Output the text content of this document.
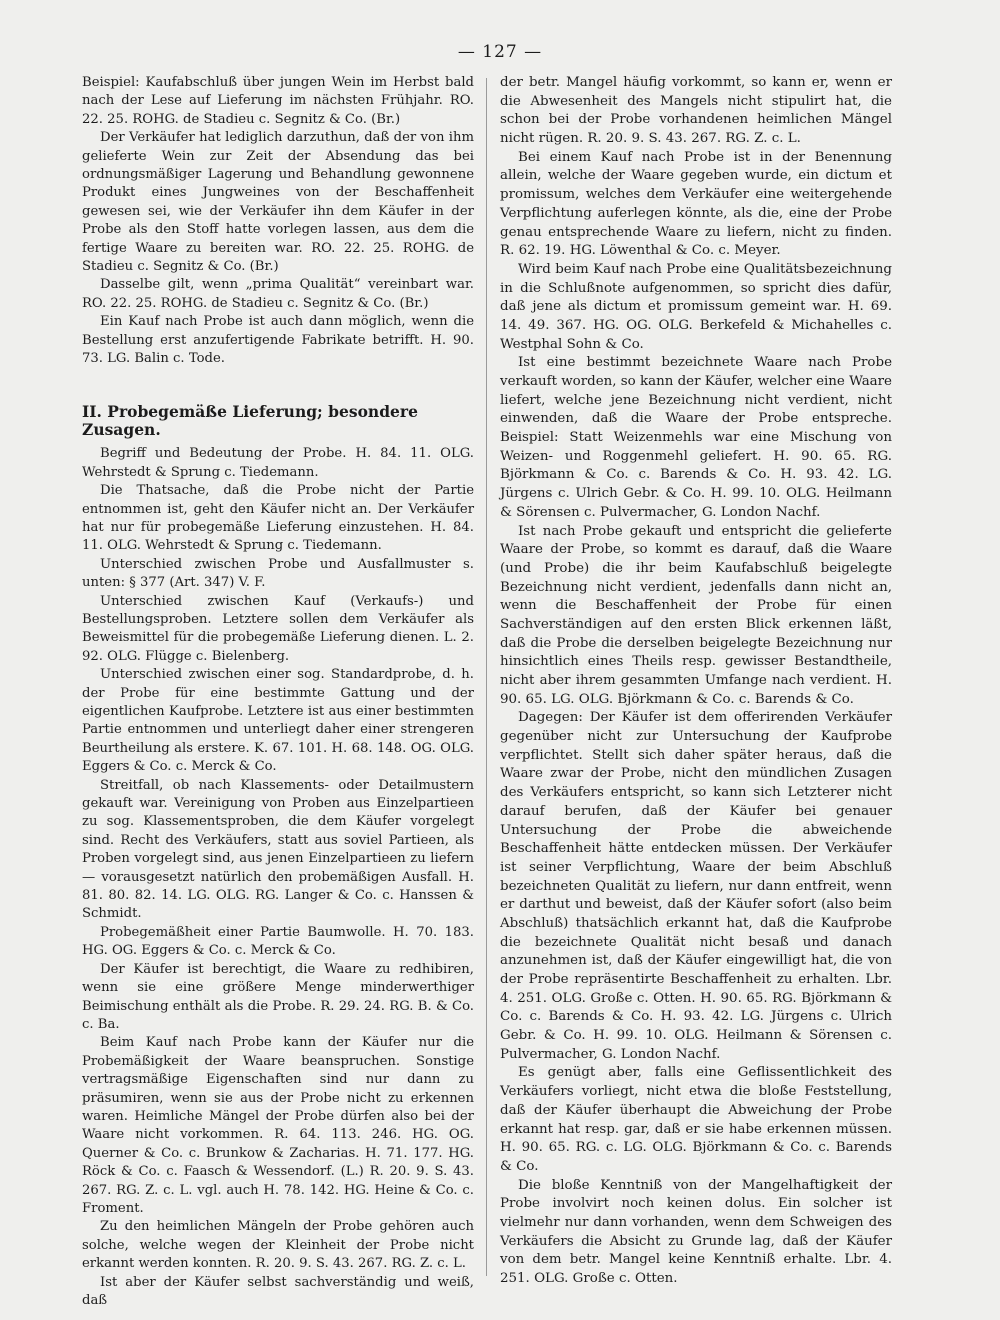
— 127 —

Beispiel: Kaufabschluß über jungen Wein im Herbst bald nach der Lese auf Lieferung im nächsten Frühjahr. RO. 22. 25. ROHG. de Stadieu c. Segnitz & Co. (Br.)

Der Verkäufer hat lediglich darzuthun, daß der von ihm gelieferte Wein zur Zeit der Absendung das bei ordnungsmäßiger Lagerung und Behandlung gewonnene Produkt eines Jungweines von der Beschaffenheit gewesen sei, wie der Verkäufer ihn dem Käufer in der Probe als den Stoff hatte vorlegen lassen, aus dem die fertige Waare zu bereiten war. RO. 22. 25. ROHG. de Stadieu c. Segnitz & Co. (Br.)

Dasselbe gilt, wenn „prima Qualität“ vereinbart war. RO. 22. 25. ROHG. de Stadieu c. Segnitz & Co. (Br.)

Ein Kauf nach Probe ist auch dann möglich, wenn die Bestellung erst anzufertigende Fabrikate betrifft. H. 90. 73. LG. Balin c. Tode.

II. Probegemäße Lieferung; besondere Zusagen.

Begriff und Bedeutung der Probe. H. 84. 11. OLG. Wehrstedt & Sprung c. Tiedemann.

Die Thatsache, daß die Probe nicht der Partie entnommen ist, geht den Käufer nicht an. Der Verkäufer hat nur für probegemäße Lieferung einzustehen. H. 84. 11. OLG. Wehrstedt & Sprung c. Tiedemann.

Unterschied zwischen Probe und Ausfallmuster s. unten: § 377 (Art. 347) V. F.

Unterschied zwischen Kauf (Verkaufs-) und Bestellungsproben. Letztere sollen dem Verkäufer als Beweismittel für die probegemäße Lieferung dienen. L. 2. 92. OLG. Flügge c. Bielenberg.

Unterschied zwischen einer sog. Standardprobe, d. h. der Probe für eine bestimmte Gattung und der eigentlichen Kaufprobe. Letztere ist aus einer bestimmten Partie entnommen und unterliegt daher einer strengeren Beurtheilung als erstere. K. 67. 101. H. 68. 148. OG. OLG. Eggers & Co. c. Merck & Co.

Streitfall, ob nach Klassements- oder Detailmustern gekauft war. Vereinigung von Proben aus Einzelpartieen zu sog. Klassementsproben, die dem Käufer vorgelegt sind. Recht des Verkäufers, statt aus soviel Partieen, als Proben vorgelegt sind, aus jenen Einzelpartieen zu liefern — vorausgesetzt natürlich den probemäßigen Ausfall. H. 81. 80. 82. 14. LG. OLG. RG. Langer & Co. c. Hanssen & Schmidt.

Probegemäßheit einer Partie Baumwolle. H. 70. 183. HG. OG. Eggers & Co. c. Merck & Co.

Der Käufer ist berechtigt, die Waare zu redhibiren, wenn sie eine größere Menge minderwerthiger Beimischung enthält als die Probe. R. 29. 24. RG. B. & Co. c. Ba.

Beim Kauf nach Probe kann der Käufer nur die Probemäßigkeit der Waare beanspruchen. Sonstige vertragsmäßige Eigenschaften sind nur dann zu präsumiren, wenn sie aus der Probe nicht zu erkennen waren. Heimliche Mängel der Probe dürfen also bei der Waare nicht vorkommen. R. 64. 113. 246. HG. OG. Querner & Co. c. Brunkow & Zacharias. H. 71. 177. HG. Röck & Co. c. Faasch & Wessendorf. (L.) R. 20. 9. S. 43. 267. RG. Z. c. L. vgl. auch H. 78. 142. HG. Heine & Co. c. Froment.

Zu den heimlichen Mängeln der Probe gehören auch solche, welche wegen der Kleinheit der Probe nicht erkannt werden konnten. R. 20. 9. S. 43. 267. RG. Z. c. L.

Ist aber der Käufer selbst sachverständig und weiß, daß

der betr. Mangel häufig vorkommt, so kann er, wenn er die Abwesenheit des Mangels nicht stipulirt hat, die schon bei der Probe vorhandenen heimlichen Mängel nicht rügen. R. 20. 9. S. 43. 267. RG. Z. c. L.

Bei einem Kauf nach Probe ist in der Benennung allein, welche der Waare gegeben wurde, ein dictum et promissum, welches dem Verkäufer eine weitergehende Verpflichtung auferlegen könnte, als die, eine der Probe genau entsprechende Waare zu liefern, nicht zu finden. R. 62. 19. HG. Löwenthal & Co. c. Meyer.

Wird beim Kauf nach Probe eine Qualitätsbezeichnung in die Schlußnote aufgenommen, so spricht dies dafür, daß jene als dictum et promissum gemeint war. H. 69. 14. 49. 367. HG. OG. OLG. Berkefeld & Michahelles c. Westphal Sohn & Co.

Ist eine bestimmt bezeichnete Waare nach Probe verkauft worden, so kann der Käufer, welcher eine Waare liefert, welche jene Bezeichnung nicht verdient, nicht einwenden, daß die Waare der Probe entspreche. Beispiel: Statt Weizenmehls war eine Mischung von Weizen- und Roggenmehl geliefert. H. 90. 65. RG. Björkmann & Co. c. Barends & Co. H. 93. 42. LG. Jürgens c. Ulrich Gebr. & Co. H. 99. 10. OLG. Heilmann & Sörensen c. Pulvermacher, G. London Nachf.

Ist nach Probe gekauft und entspricht die gelieferte Waare der Probe, so kommt es darauf, daß die Waare (und Probe) die ihr beim Kaufabschluß beigelegte Bezeichnung nicht verdient, jedenfalls dann nicht an, wenn die Beschaffenheit der Probe für einen Sachverständigen auf den ersten Blick erkennen läßt, daß die Probe die derselben beigelegte Bezeichnung nur hinsichtlich eines Theils resp. gewisser Bestandtheile, nicht aber ihrem gesammten Umfange nach verdient. H. 90. 65. LG. OLG. Björkmann & Co. c. Barends & Co.

Dagegen: Der Käufer ist dem offerirenden Verkäufer gegenüber nicht zur Untersuchung der Kaufprobe verpflichtet. Stellt sich daher später heraus, daß die Waare zwar der Probe, nicht den mündlichen Zusagen des Verkäufers entspricht, so kann sich Letzterer nicht darauf berufen, daß der Käufer bei genauer Untersuchung der Probe die abweichende Beschaffenheit hätte entdecken müssen. Der Verkäufer ist seiner Verpflichtung, Waare der beim Abschluß bezeichneten Qualität zu liefern, nur dann entfreit, wenn er darthut und beweist, daß der Käufer sofort (also beim Abschluß) thatsächlich erkannt hat, daß die Kaufprobe die bezeichnete Qualität nicht besaß und danach anzunehmen ist, daß der Käufer eingewilligt hat, die von der Probe repräsentirte Beschaffenheit zu erhalten. Lbr. 4. 251. OLG. Große c. Otten. H. 90. 65. RG. Björkmann & Co. c. Barends & Co. H. 93. 42. LG. Jürgens c. Ulrich Gebr. & Co. H. 99. 10. OLG. Heilmann & Sörensen c. Pulvermacher, G. London Nachf.

Es genügt aber, falls eine Geflissentlichkeit des Verkäufers vorliegt, nicht etwa die bloße Feststellung, daß der Käufer überhaupt die Abweichung der Probe erkannt hat resp. gar, daß er sie habe erkennen müssen. H. 90. 65. RG. c. LG. OLG. Björkmann & Co. c. Barends & Co.

Die bloße Kenntniß von der Mangelhaftigkeit der Probe involvirt noch keinen dolus. Ein solcher ist vielmehr nur dann vorhanden, wenn dem Schweigen des Verkäufers die Absicht zu Grunde lag, daß der Käufer von dem betr. Mangel keine Kenntniß erhalte. Lbr. 4. 251. OLG. Große c. Otten.
